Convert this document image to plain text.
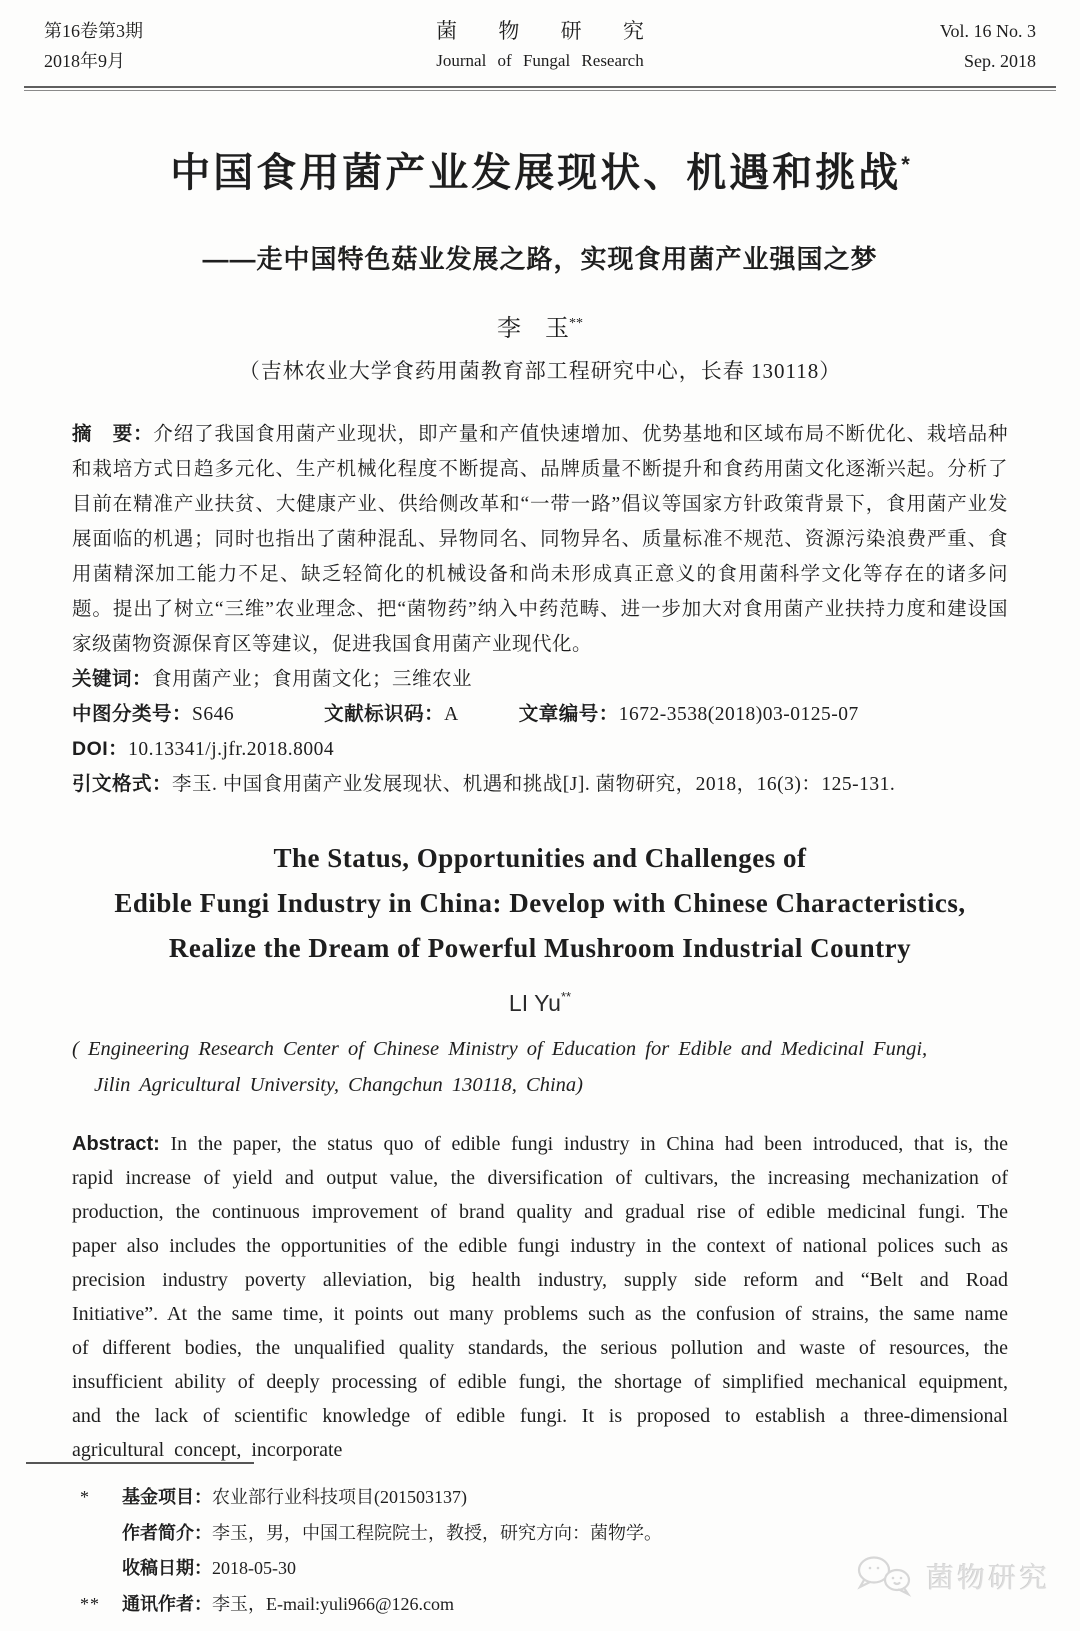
第16卷第3期
2018年9月
菌 物 研 究
Journal of Fungal Research
Vol. 16 No. 3
Sep. 2018
中国食用菌产业发展现状、机遇和挑战*
——走中国特色菇业发展之路，实现食用菌产业强国之梦
李　玉**
（吉林农业大学食药用菌教育部工程研究中心，长春 130118）

摘　要：介绍了我国食用菌产业现状，即产量和产值快速增加、优势基地和区域布局不断优化、栽培品种和栽培方式日趋多元化、生产机械化程度不断提高、品牌质量不断提升和食药用菌文化逐渐兴起。分析了目前在精准产业扶贫、大健康产业、供给侧改革和“一带一路”倡议等国家方针政策背景下，食用菌产业发展面临的机遇；同时也指出了菌种混乱、异物同名、同物异名、质量标准不规范、资源污染浪费严重、食用菌精深加工能力不足、缺乏轻简化的机械设备和尚未形成真正意义的食用菌科学文化等存在的诸多问题。提出了树立“三维”农业理念、把“菌物药”纳入中药范畴、进一步加大对食用菌产业扶持力度和建设国家级菌物资源保育区等建议，促进我国食用菌产业现代化。

关键词：食用菌产业；食用菌文化；三维农业

中图分类号：S646	文献标识码：A	文章编号：1672-3538(2018)03-0125-07

DOI：10.13341/j.jfr.2018.8004

引文格式：李玉. 中国食用菌产业发展现状、机遇和挑战[J]. 菌物研究，2018，16(3)：125-131.

The Status, Opportunities and Challenges of
Edible Fungi Industry in China: Develop with Chinese Characteristics,
Realize the Dream of Powerful Mushroom Industrial Country
LI Yu**
( Engineering Research Center of Chinese Ministry of Education for Edible and Medicinal Fungi,
Jilin Agricultural University, Changchun 130118, China)

Abstract: In the paper, the status quo of edible fungi industry in China had been introduced, that is, the rapid increase of yield and output value, the diversification of cultivars, the increasing mechanization of production, the continuous improvement of brand quality and gradual rise of edible medicinal fungi. The paper also includes the opportunities of the edible fungi industry in the context of national polices such as precision industry poverty alleviation, big health industry, supply side reform and “Belt and Road Initiative”. At the same time, it points out many problems such as the confusion of strains, the same name of different bodies, the unqualified quality standards, the serious pollution and waste of resources, the insufficient ability of deeply processing of edible fungi, the shortage of simplified mechanical equipment, and the lack of scientific knowledge of edible fungi. It is proposed to establish a three-dimensional agricultural concept, incorporate

*	基金项目：农业部行业科技项目(201503137)
作者简介：李玉，男，中国工程院院士，教授，研究方向：菌物学。
收稿日期：2018-05-30
**	通讯作者：李玉，E-mail:yuli966@126.com
菌物研究
